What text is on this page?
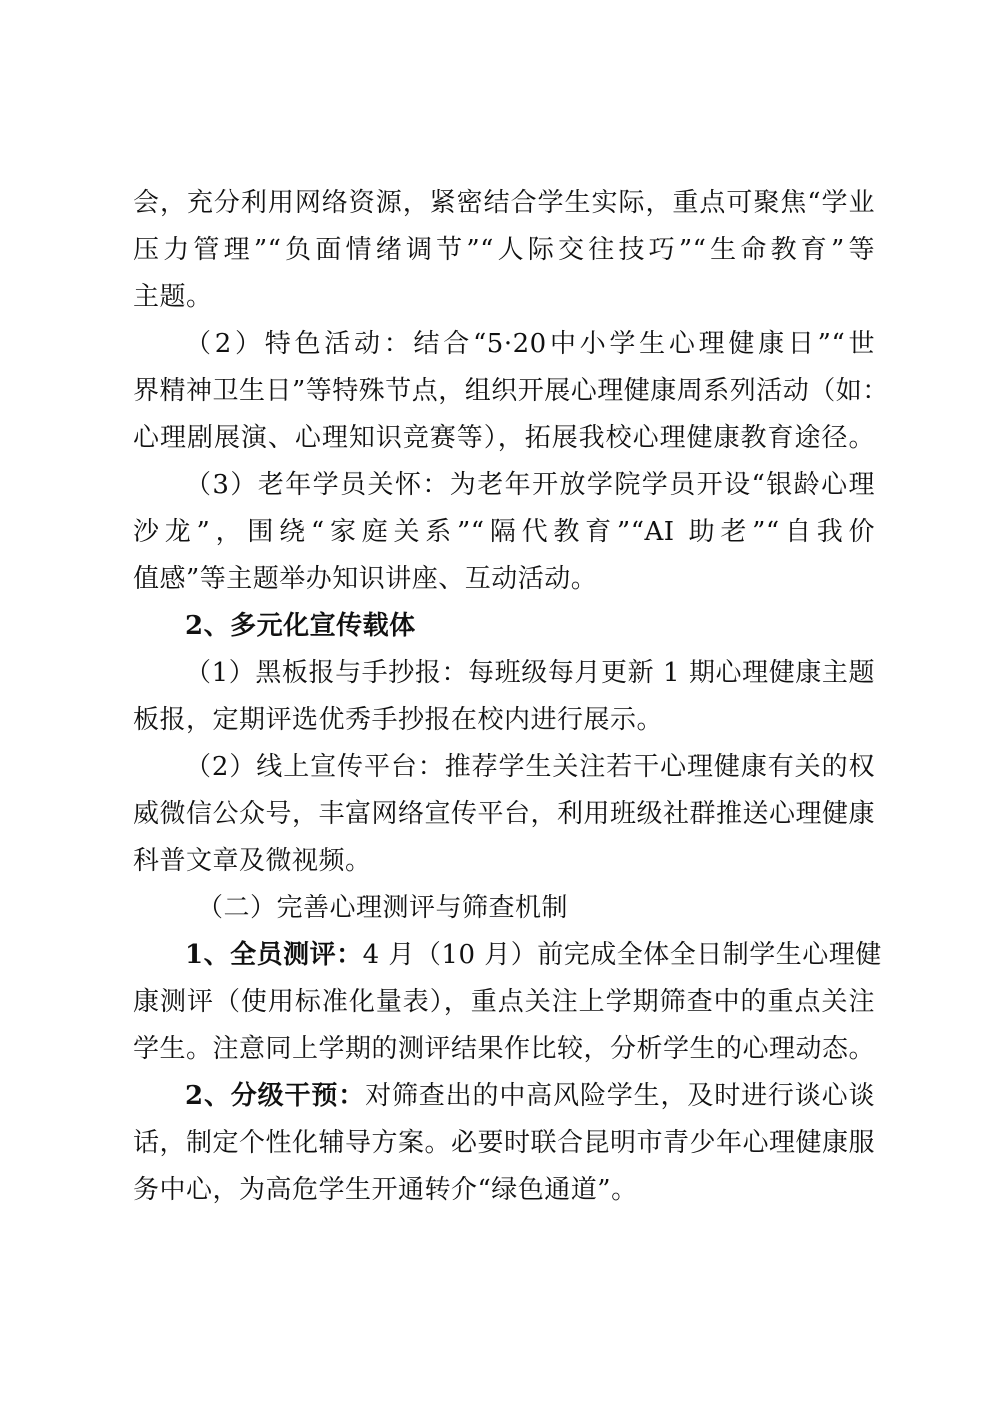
会，充分利用网络资源，紧密结合学生实际，重点可聚焦“学业
压力管理”“负面情绪调节”“人际交往技巧”“生命教育”等
主题。
（2）特色活动：结合“5·20中小学生心理健康日”“世
界精神卫生日”等特殊节点，组织开展心理健康周系列活动（如：
心理剧展演、心理知识竞赛等），拓展我校心理健康教育途径。
（3）老年学员关怀：为老年开放学院学员开设“银龄心理
沙龙”，围绕“家庭关系”“隔代教育”“AI 助老”“自我价
值感”等主题举办知识讲座、互动活动。
2、多元化宣传载体
（1）黑板报与手抄报：每班级每月更新 1 期心理健康主题
板报，定期评选优秀手抄报在校内进行展示。
（2）线上宣传平台：推荐学生关注若干心理健康有关的权
威微信公众号，丰富网络宣传平台，利用班级社群推送心理健康
科普文章及微视频。
（二）完善心理测评与筛查机制
1、全员测评：4 月（10 月）前完成全体全日制学生心理健
康测评（使用标准化量表），重点关注上学期筛查中的重点关注
学生。注意同上学期的测评结果作比较，分析学生的心理动态。
2、分级干预：对筛查出的中高风险学生，及时进行谈心谈
话，制定个性化辅导方案。必要时联合昆明市青少年心理健康服
务中心，为高危学生开通转介“绿色通道”。
